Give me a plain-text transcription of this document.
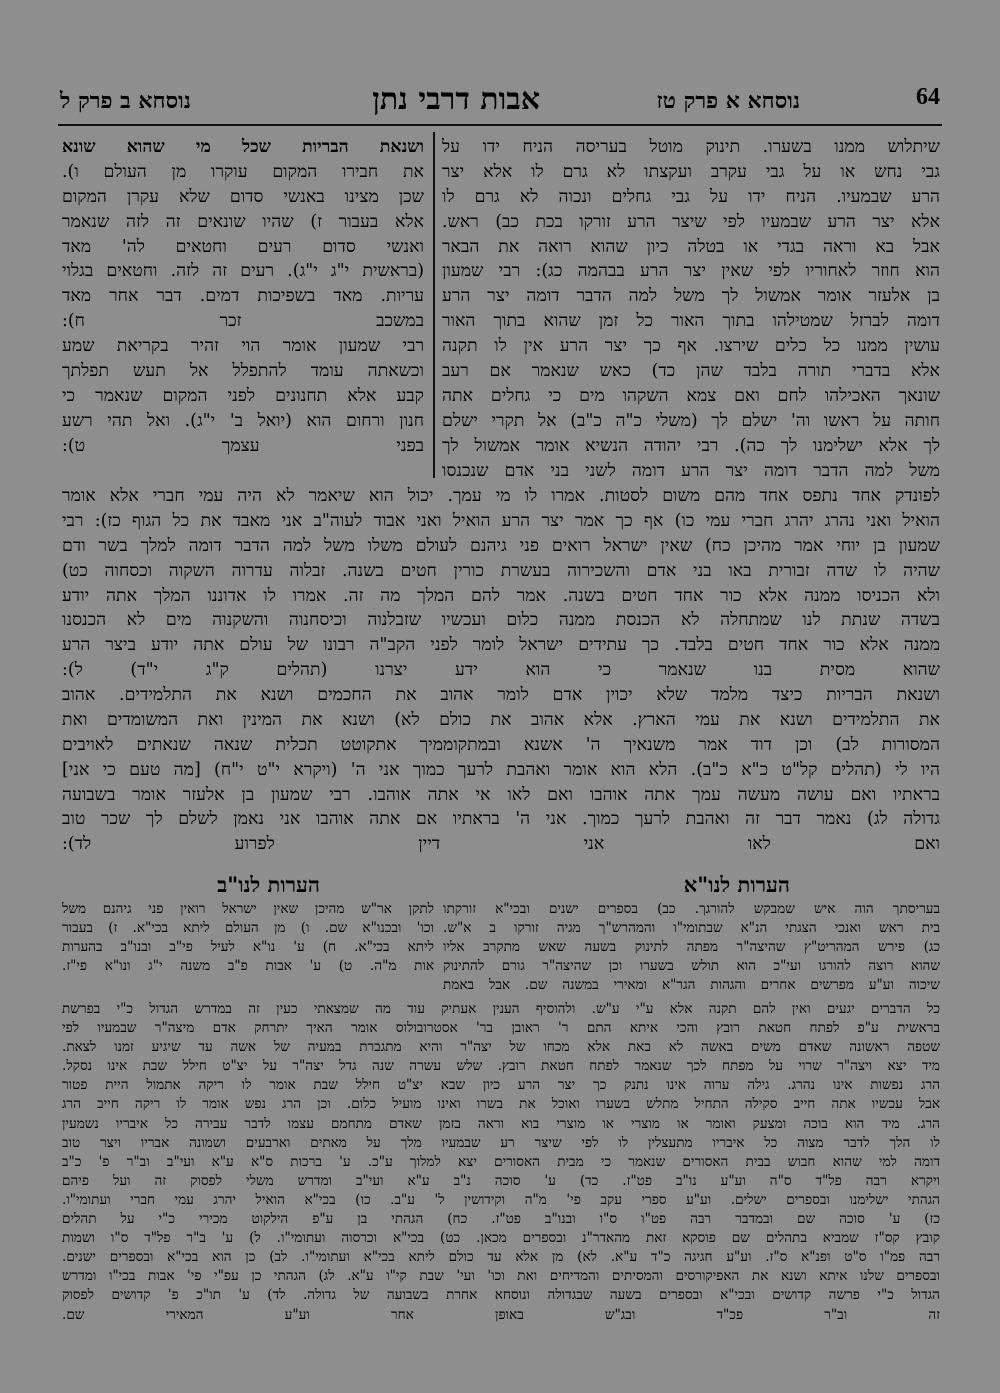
64
נוסחא א פרק טז
אבות דרבי נתן
נוסחא ב פרק ל
שיתלוש ממנו בשערו. תינוק מוטל בעריסה הניח ידו על
גבי נחש או על גבי עקרב ועקצתו לא גרם לו אלא יצר
הרע שבמעיו. הניח ידו על גבי גחלים ונכוה לא גרם לו
אלא יצר הרע שבמעיו לפי שיצר הרע זורקו בכת כב) ראש.
אבל בא וראה בגדי או בטלה כיון שהוא רואה את הבאר
הוא חוזר לאחוריו לפי שאין יצר הרע בבהמה כג): רבי שמעון
בן אלעזר אומר אמשול לך משל למה הדבר דומה יצר הרע
דומה לברזל שמטילהו בתוך האור כל זמן שהוא בתוך האור
עושין ממנו כל כלים שירצו. אף כך יצר הרע אין לו תקנה
אלא בדברי תורה בלבד שהן כד) כאש שנאמר אם רעב
שונאך האכילהו לחם ואם צמא השקהו מים כי גחלים אתה
חותה על ראשו וה' ישלם לך (משלי כ"ה כ"ב) אל תקרי ישלם
לך אלא ישלימנו לך כה). רבי יהודה הנשיא אומר אמשול לך
משל למה הדבר דומה יצר הרע דומה לשני בני אדם שנכנסו
ושנאת הבריות שכל מי שהוא שונא
את חבירו המקום עוקרו מן העולם ו).
שכן מצינו באנשי סדום שלא עקרן המקום
אלא בעבור ז) שהיו שונאים זה לזה שנאמר
ואנשי סדום רעים וחטאים לה' מאד
(בראשית י"ג י"ג). רעים זה לזה. וחטאים בגלוי
עריות. מאד בשפיכות דמים. דבר אחר מאד
במשכב זכר ח):
רבי שמעון אומר הוי זהיר בקריאת שמע
וכשאתה עומד להתפלל אל תעש תפלתך
קבע אלא תחנונים לפני המקום שנאמר כי
חנון ורחום הוא (יואל ב' י"ג). ואל תהי רשע
בפני עצמך ט):
לפונדק אחד נתפס אחד מהם משום לסטות. אמרו לו מי עמך. יכול הוא שיאמר לא היה עמי חברי אלא אומר
הואיל ואני נהרג יהרג חברי עמי כו) אף כך אמר יצר הרע הואיל ואני אבוד לעוה"ב אני מאבד את כל הגוף כז): רבי
שמעון בן יוחי אמר מהיכן כח) שאין ישראל רואים פני גיהנם לעולם משלו משל למה הדבר דומה למלך בשר ודם
שהיה לו שדה זבורית באו בני אדם והשכירוה בעשרת כורין חטים בשנה. זבלוה עדרוה השקוה וכסחוה כט)
ולא הכניסו ממנה אלא כור אחד חטים בשנה. אמר להם המלך מה זה. אמרו לו אדוננו המלך אתה יודע
בשדה שנתת לנו שמתחלה לא הכנסת ממנה כלום ועכשיו שזבלנוה וכיסחנוה והשקנוה מים לא הכנסנו
ממנה אלא כור אחד חטים בלבד. כך עתידים ישראל לומר לפני הקב"ה רבונו של עולם אתה יודע ביצר הרע
שהוא מסית בנו שנאמר כי הוא ידע יצרנו (תהלים ק"ג י"ד) ל):
ושנאת הבריות כיצד מלמד שלא יכוין אדם לומר אהוב את החכמים ושנא את התלמידים. אהוב
את התלמידים ושנא את עמי הארץ. אלא אהוב את כולם לא) ושנא את המינין ואת המשומדים ואת
המסורות לב) וכן דוד אמר משנאיך ה' אשנא ובמתקוממיך אתקוטט תכלית שנאה שנאתים לאויבים
היו לי (תהלים קל"ט כ"א כ"ב). הלא הוא אומר ואהבת לרעך כמוך אני ה' (ויקרא י"ט י"ח) [מה טעם כי אני]
בראתיו ואם עושה מעשה עמך אתה אוהבו ואם לאו אי אתה אוהבו. רבי שמעון בן אלעזר אומר בשבועה
גדולה לג) נאמר דבר זה ואהבת לרעך כמוך. אני ה' בראתיו אם אתה אוהבו אני נאמן לשלם לך שכר טוב
ואם לאו אני דיין לפרוע לד):
הערות לנו"א
הערות לנו"ב
בעריסתך הוה איש שמבקש להורגך. כב) בספרים ישנים ובכי"א זורקתו
בית ראש ואנכי הצגתי הנ"א שבתומי"ו והמהרש"ך מגיה זורקו ב א"ש.
כג) פירש המהריט"ץ שהיצה"ר מפתה לתינוק בשעה שאש מתקרב אליו
שהוא רוצה להורגו ועי"כ הוא תולש בשערו וכן שהיצה"ר גורם להתינוק
שיכוה וע"ע מפרשים אחרים והגהות הגר"א ומאירי במשנה שם. אבל באמת
לתקן אר"ש מהיכן שאין ישראל רואין פני גיהנם משל
וכו' ובכנו"א שם. ו) מן העולם ליתא בכי"א. ז) בעבור
ליתא בכי"א. ח) ע' נו"א לעיל פי"ב ובנו"ב בהערות
אות מ"ה. ט) ע' אבות פ"ב משנה י"ג ונו"א פי"ז.
כל הדברים יגעים ואין להם תקנה אלא ע"י ע"ש. ולהוסיף הענין אעתיק עוד מה שמצאתי כעין זה במדרש הגדול כ"י בפרשת
בראשית ע"פ לפתח חטאת רובץ והכי איתא התם ר' ראובן בר' אסטרובולוס אומר האיך יתרחק אדם מיצה"ר שבמעיו לפי
שטפה ראשונה שאדם משים באשה לא באת אלא מכחו של יצה"ר והיא מתגברת במעיה של אשה עד שיגיע זמנו לצאת.
מיד יצא ויצה"ר שרוי על מפתח לכך שנאמר לפתח חטאת רובץ. שלש עשרה שנה גדל יצה"ר על יצ"ט חילל שבת אינו נסקל.
הרג נפשות אינו נהרג. גילה ערוה אינו נתנק כך יצר הרע כיון שבא יצ"ט חילל שבת אומר לו ריקה אתמול היית פטור
אבל עכשיו אתה חייב סקילה התחיל מתלש בשערו ואוכל את בשרו ואינו מועיל כלום. וכן הרג נפש אומר לו ריקה חייב הרג
הרג. מיד הוא בוכה ומצעק ואומר או מוצרי או מוצרי בוא וראה בזמן שאדם מתחמם עצמו לדבר עבירה כל איבריו נשמעין
לו הלך לדבר מצוה כל איבריו מתעצלין לו לפי שיצר רע שבמעיו מלך על מאתים וארבעים ושמונה אבריו ויצר טוב
דומה למי שהוא חבוש בבית האסורים שנאמר כי מבית האסורים יצא למלוך ע"כ. ע' ברכות ס"א ע"א ועי"ב וב"ר פ' כ"ב
ויקרא רבה פל"ד ס"ה וע"ע נו"ב פט"ז. כד) ע' סוכה נ"ב ע"א ועי"ב ומדרש משלי לפסוק זה ועל פיהם
הגהתי ישלימנו ובספרים ישלים. וע"ע ספרי עקב פי' מ"ה וקידושין ל' ע"ב. כו) בכי"א הואיל יהרג עמי חברי ועתומי"ו.
כז) ע' סוכה שם ובמדבר רבה פט"ו ס"ו ובנו"ב פט"ז. כח) הגהתי בן ע"פ הילקוט מכירי כ"י על תהלים
קובץ קס"ז שמביא בתהלים שם פוסקא זאת מהאדר"נ ובספרים מכאן. כט) בכי"א וכרסוה ועתומי"ו. ל) ע' ב"ר פל"ד ס"ו ושמות
רבה פמ"ו ס"ט ופנ"א ס"ז. וע"ע חגיגה כ"ד ע"א. לא) מן אלא עד כולם ליתא בכי"א ועתומי"ו. לב) כן הוא בכי"א ובספרים ישנים.
ובספרים שלנו איתא ושנא את האפיקורסים והמסיתים והמדיחים ואת וכו' ועי' שבת קי"ו ע"א. לג) הגהתי כן עפ"י פי' אבות בכי"ו ומדרש
הגדול כ"י פרשה קדושים ובכי"א ובספרים בשעה שבגדולה ונוסחא אחרת בשבועה של גדולה. לד) ע' תו"כ פ' קדושים לפסוק
זה וב"ר פכ"ד ובג"ש באופן אחר וע"ע המאירי שם.
